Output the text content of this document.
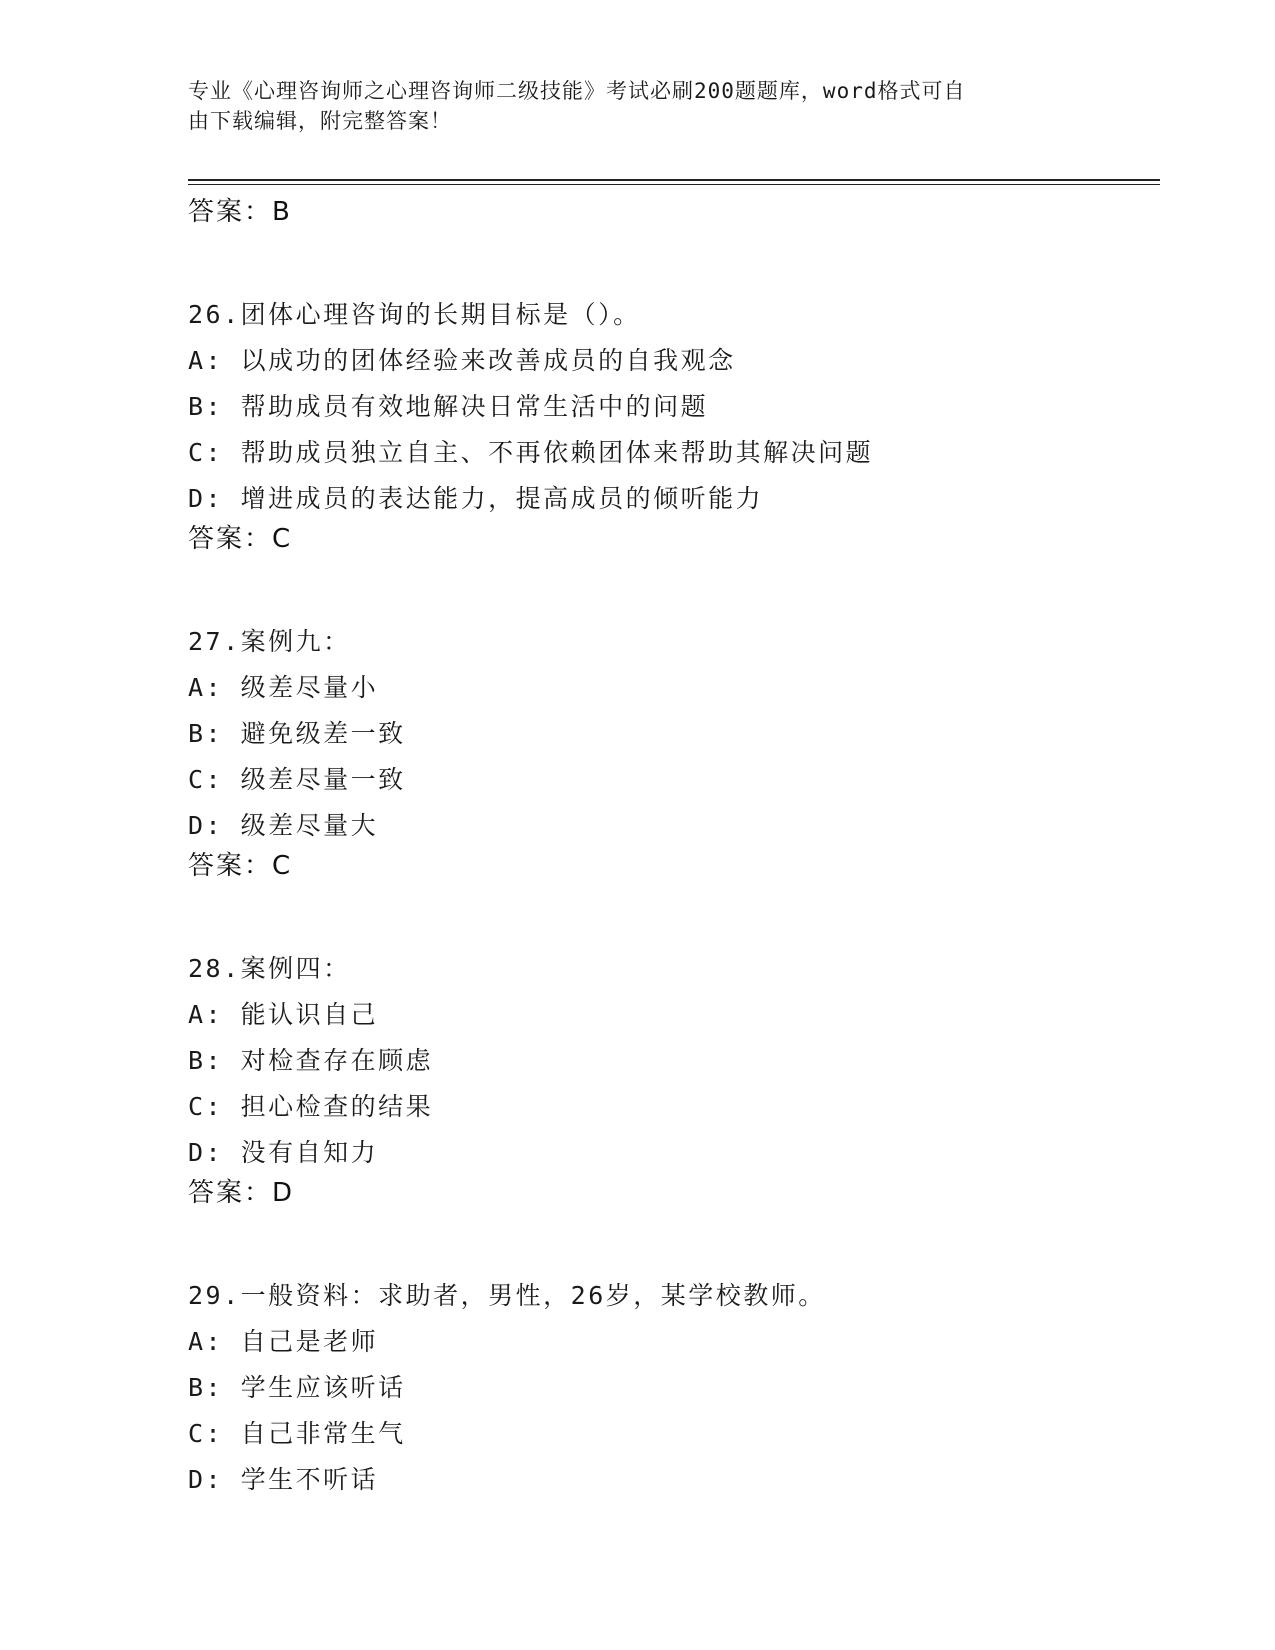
专业《心理咨询师之心理咨询师二级技能》考试必刷200题题库，word格式可自
由下载编辑，附完整答案！
答案：B
26.团体心理咨询的长期目标是（）。
A: 以成功的团体经验来改善成员的自我观念
B: 帮助成员有效地解决日常生活中的问题
C: 帮助成员独立自主、不再依赖团体来帮助其解决问题
D: 增进成员的表达能力，提高成员的倾听能力
答案：C
27.案例九：
A: 级差尽量小
B: 避免级差一致
C: 级差尽量一致
D: 级差尽量大
答案：C
28.案例四：
A: 能认识自己
B: 对检查存在顾虑
C: 担心检查的结果
D: 没有自知力
答案：D
29.一般资料：求助者，男性，26岁，某学校教师。
A: 自己是老师
B: 学生应该听话
C: 自己非常生气
D: 学生不听话
